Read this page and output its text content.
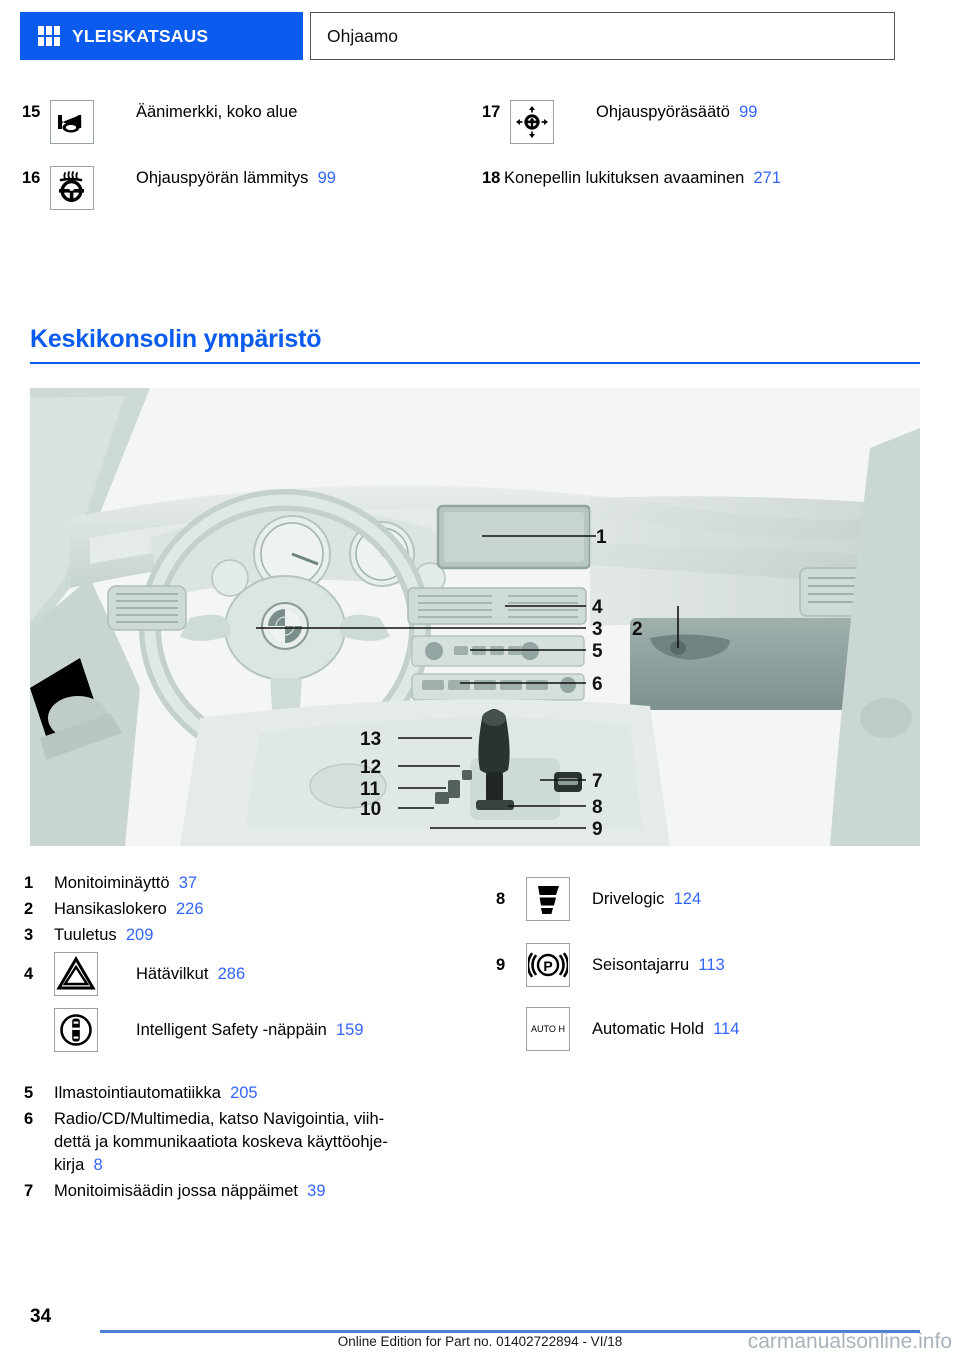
YLEISKATSAUS	Ohjaamo
15	Äänimerkki, koko alue
16	Ohjauspyörän lämmitys 99
17	Ohjauspyöräsäätö 99
18 Konepellin lukituksen avaaminen 271
Keskikonsolin ympäristö
1
2
3
4
5
6
7
8
9
10
11
12
13
1	Monitoiminäyttö 37
2	Hansikaslokero 226
3	Tuuletus 209
4	Hätävilkut 286
Intelligent Safety -näppäin 159
5	Ilmastointiautomatiikka 205
6	Radio/CD/Multimedia, katso Navigointia, viih-
dettä ja kommunikaatiota koskeva käyttöohje-
kirja 8
7	Monitoimisäädin jossa näppäimet 39
8	Drivelogic 124
9	P Seisontajarru 113
AUTO H Automatic Hold 114
34
Online Edition for Part no. 01402722894 - VI/18	carmanualsonline.info
